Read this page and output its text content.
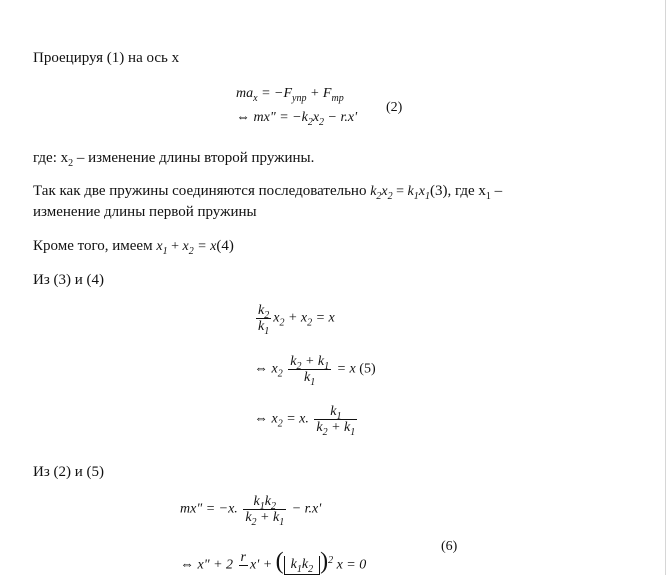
Проецируя (1) на ось x
$ma_x = -F_{упр} + F_{тр}$
⇔ mx" = $-k_2x_2 - r.x'$
(2)
где: $x_2$ – изменение длины второй пружины.
Так как две пружины соединяются последовательно $k_2x_2 = k_1x_1(3)$, где $x_1$ –
изменение длины первой пружины
Кроме того, имеем $x_1 + x_2 = x(4)$
Из (3) и (4)
$\frac{k_2}{k_1} x_2 + x_2 = x$
⇔ $x_2 \frac{k_2 + k_1}{k_1} = x$ (5)
⇔ $x_2 = x$. $\frac{k_1}{k_2 + k_1}$
Из (2) и (5)
mx" = −x. $\frac{k_1k_2}{k_2 + k_1} - r.x'$
(6)
⇔ x" + 2
r
x' + ( $k_1k_2$ )$^2$ x = 0
